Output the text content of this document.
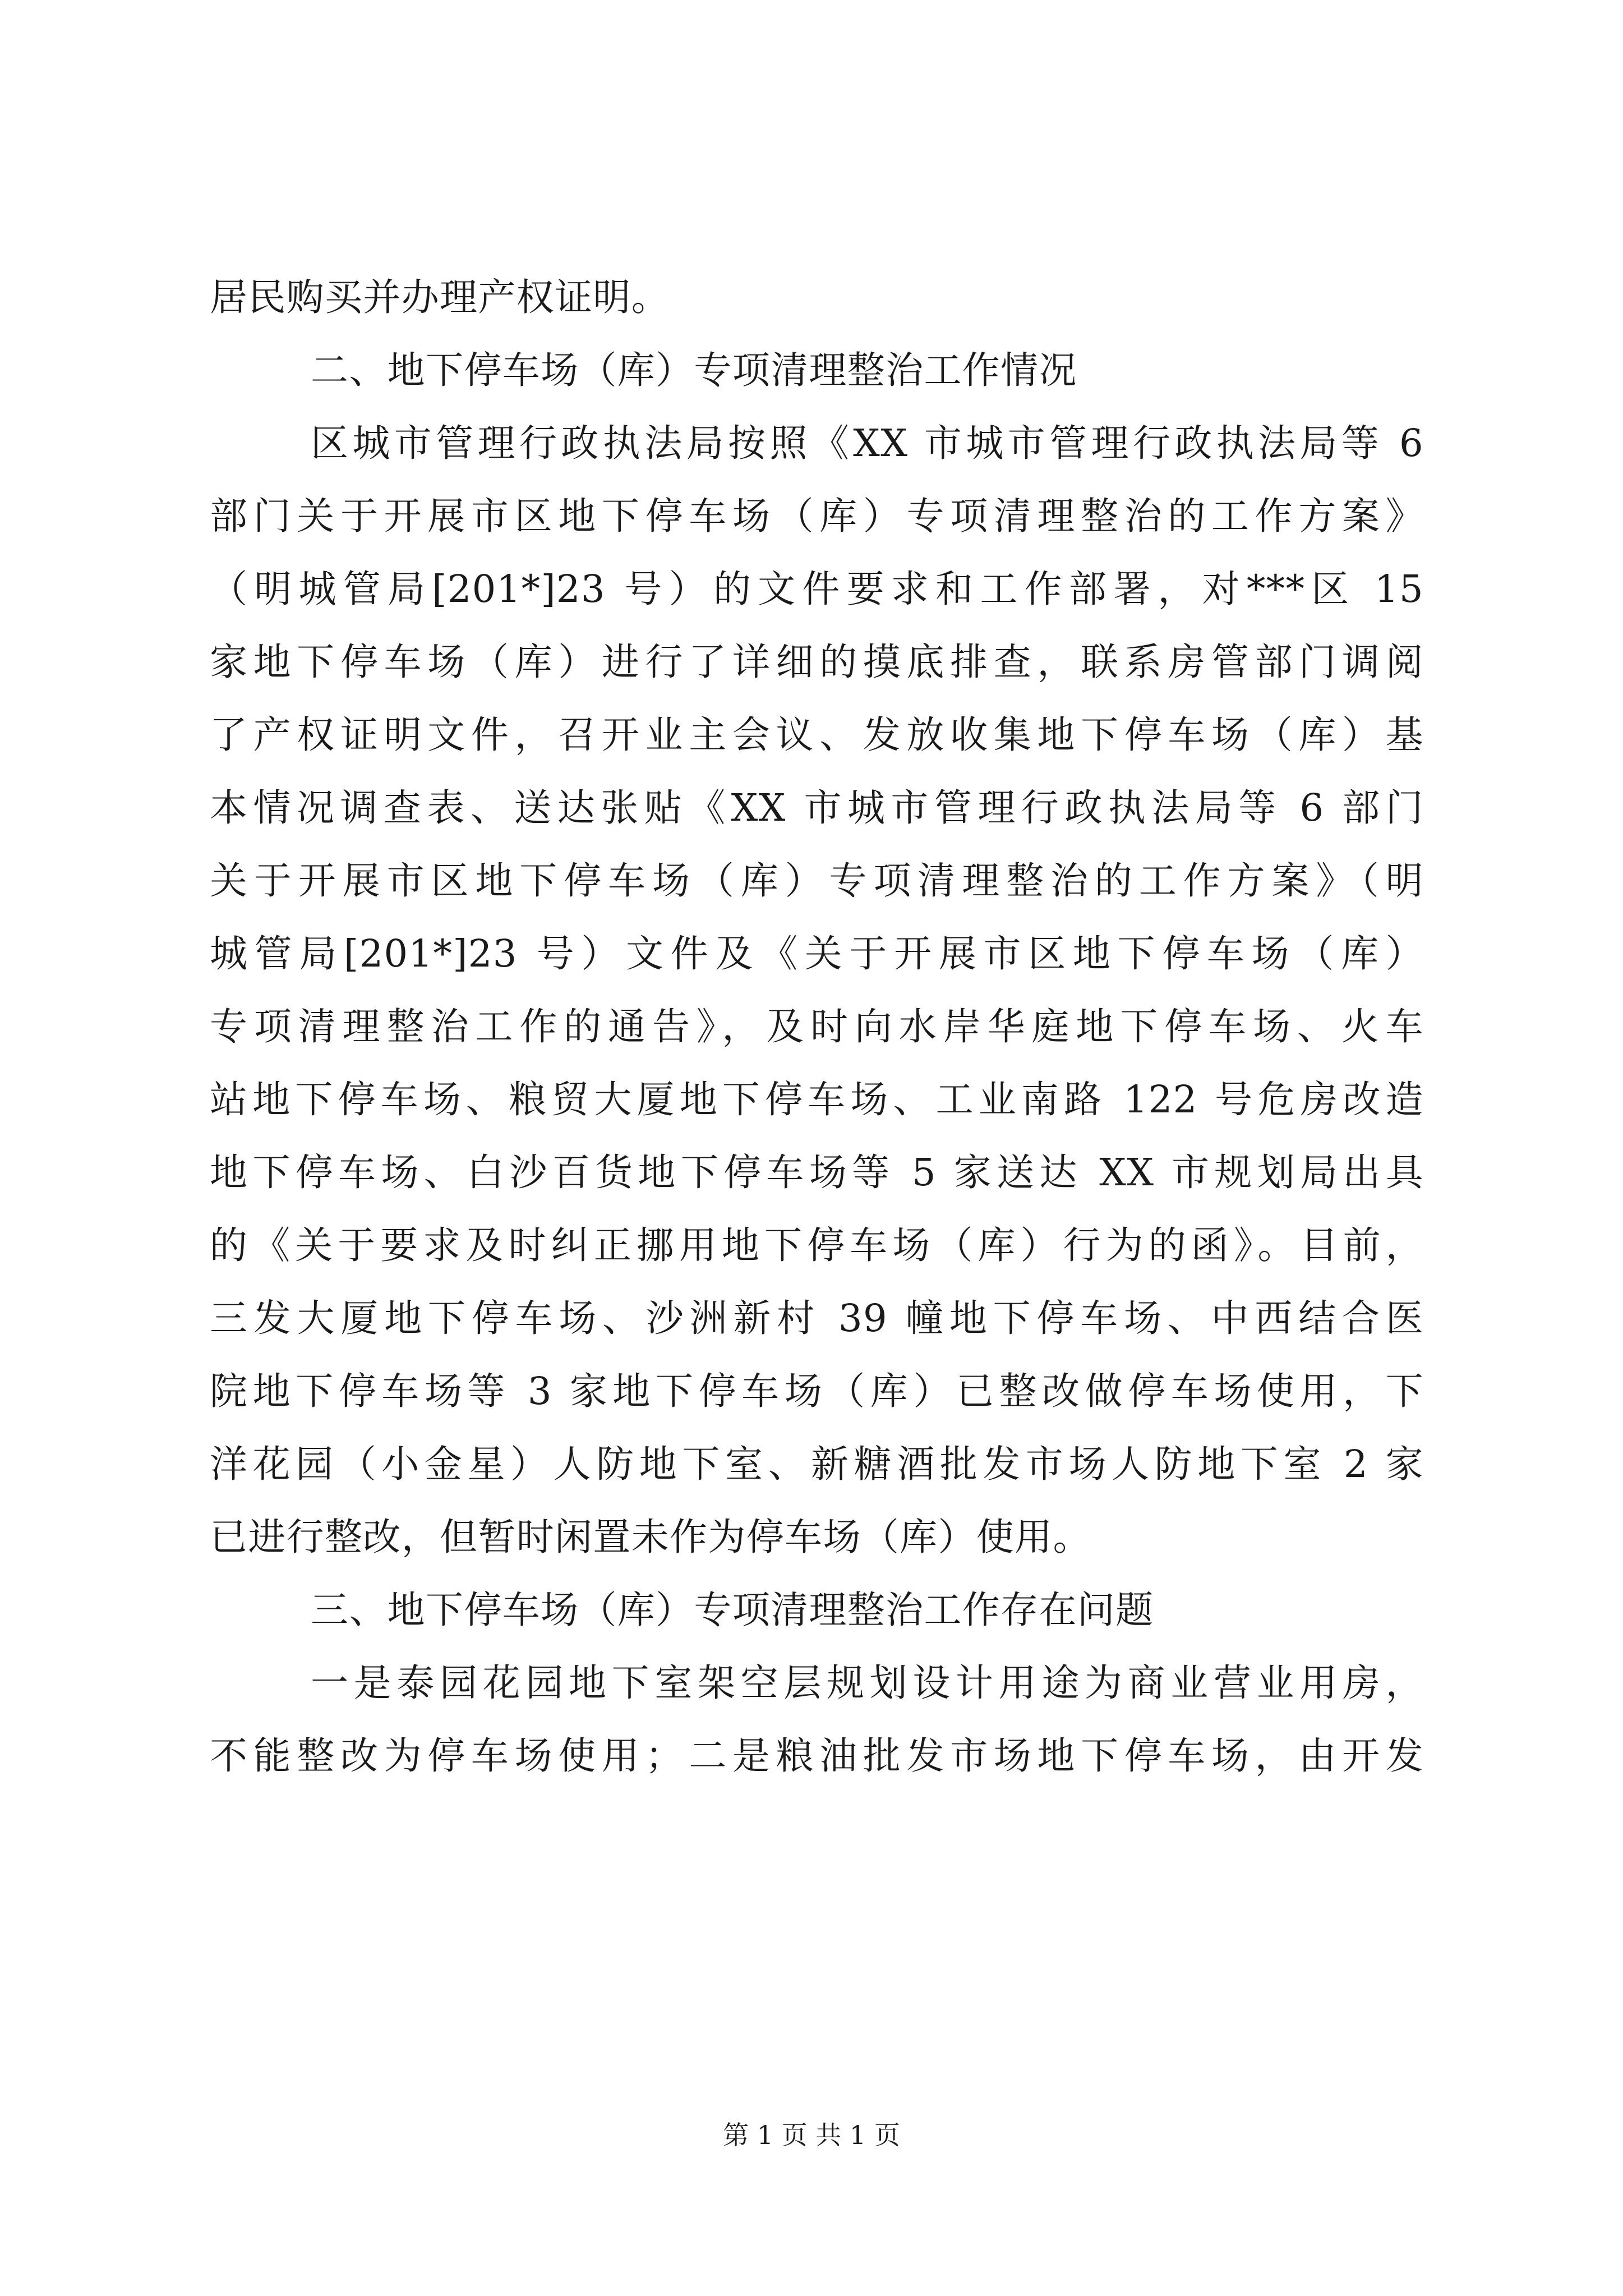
居民购买并办理产权证明。
二、地下停车场（库）专项清理整治工作情况
区城市管理行政执法局按照《XX 市城市管理行政执法局等 6
部门关于开展市区地下停车场（库）专项清理整治的工作方案》
（明城管局[201*]23 号）的文件要求和工作部署，对***区 15
家地下停车场（库）进行了详细的摸底排查，联系房管部门调阅
了产权证明文件，召开业主会议、发放收集地下停车场（库）基
本情况调查表、送达张贴《XX 市城市管理行政执法局等 6 部门
关于开展市区地下停车场（库）专项清理整治的工作方案》（明
城管局[201*]23 号）文件及《关于开展市区地下停车场（库）
专项清理整治工作的通告》，及时向水岸华庭地下停车场、火车
站地下停车场、粮贸大厦地下停车场、工业南路 122 号危房改造
地下停车场、白沙百货地下停车场等 5 家送达 XX 市规划局出具
的《关于要求及时纠正挪用地下停车场（库）行为的函》。目前，
三发大厦地下停车场、沙洲新村 39 幢地下停车场、中西结合医
院地下停车场等 3 家地下停车场（库）已整改做停车场使用，下
洋花园（小金星）人防地下室、新糖酒批发市场人防地下室 2 家
已进行整改，但暂时闲置未作为停车场（库）使用。
三、地下停车场（库）专项清理整治工作存在问题
一是泰园花园地下室架空层规划设计用途为商业营业用房，
不能整改为停车场使用；二是粮油批发市场地下停车场，由开发
第 1 页 共 1 页
